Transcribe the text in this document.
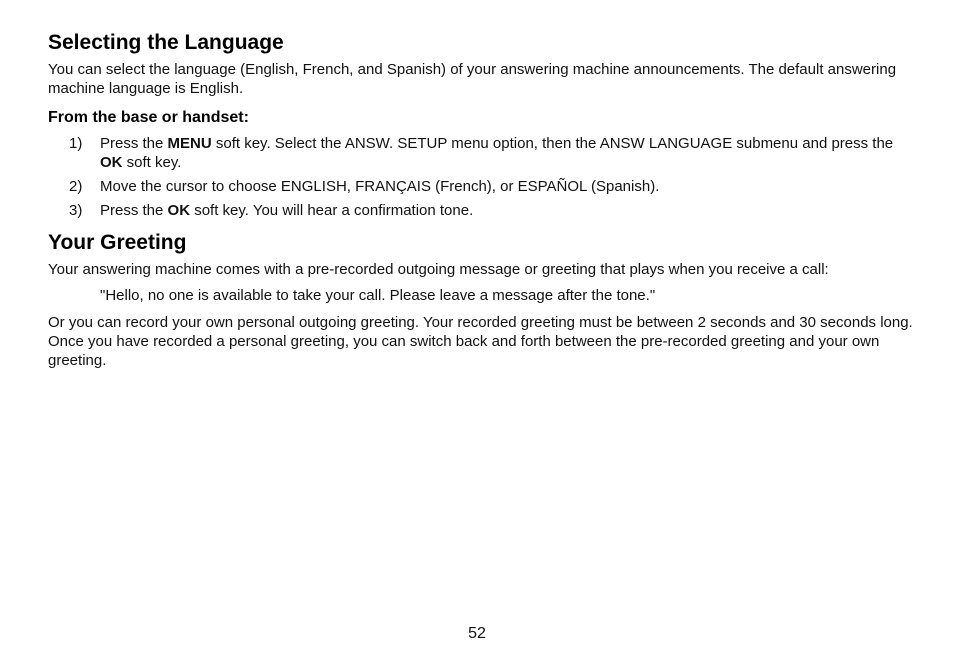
Selecting the Language

You can select the language (English, French, and Spanish) of your answering machine announcements. The default answering machine language is English.

From the base or handset:
1) Press the MENU soft key. Select the ANSW. SETUP menu option, then the ANSW LANGUAGE submenu and press the OK soft key.
2) Move the cursor to choose ENGLISH, FRANÇAIS (French), or ESPAÑOL (Spanish).
3) Press the OK soft key. You will hear a confirmation tone.
Your Greeting

Your answering machine comes with a pre-recorded outgoing message or greeting that plays when you receive a call:

"Hello, no one is available to take your call. Please leave a message after the tone."

Or you can record your own personal outgoing greeting. Your recorded greeting must be between 2 seconds and 30 seconds long. Once you have recorded a personal greeting, you can switch back and forth between the pre-recorded greeting and your own greeting.

52
